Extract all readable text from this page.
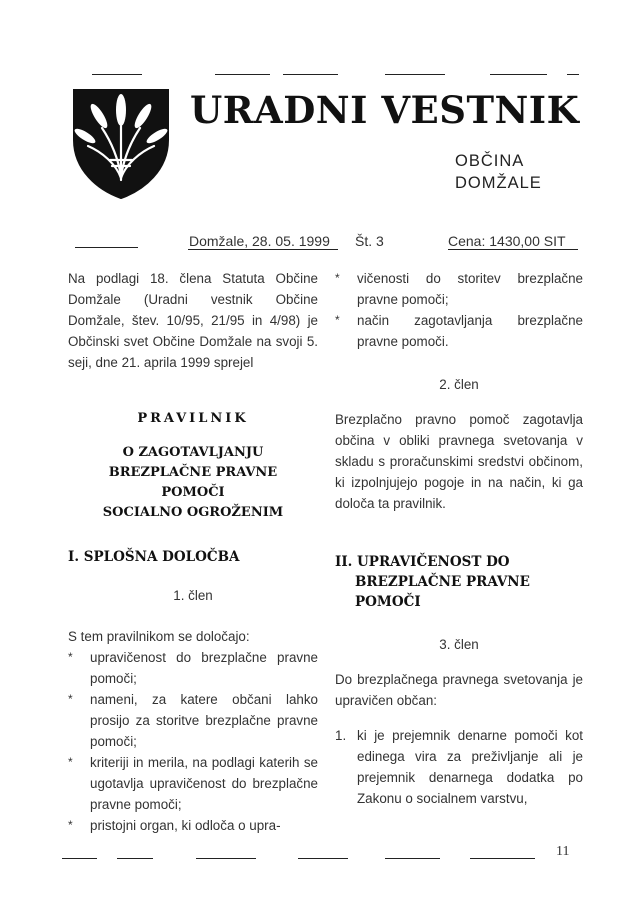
URADNI VESTNIK
OBČINA
DOMŽALE
Domžale, 28. 05. 1999 Št. 3	Cena: 1430,00 SIT

Na podlagi 18. člena Statuta Občine Domžale (Uradni vestnik Občine Domžale, štev. 10/95, 21/95 in 4/98) je Občinski svet Občine Domžale na svoji 5. seji, dne 21. aprila 1999 sprejel

PRAVILNIK

O ZAGOTAVLJANJU

BREZPLAČNE PRAVNE

POMOČI

SOCIALNO OGROŽENIM

I. SPLOŠNA DOLOČBA

1. člen

S tem pravilnikom se določajo:

* upravičenost do brezplačne pravne pomoči;
* nameni, za katere občani lahko prosijo za storitve brezplačne pravne pomoči;
* kriteriji in merila, na podlagi katerih se ugotavlja upravičenost do brezplačne pravne pomoči;
* pristojni organ, ki odloča o upra-
* vičenosti do storitev brezplačne pravne pomoči;
* način zagotavljanja brezplačne pravne pomoči.

2. člen

Brezplačno pravno pomoč zagotavlja občina v obliki pravnega svetovanja v skladu s proračunskimi sredstvi občinom, ki izpolnjujejo pogoje in na način, ki ga določa ta pravilnik.

II. UPRAVIČENOST DO

BREZPLAČNE PRAVNE

POMOČI

3. člen

Do brezplačnega pravnega svetovanja je upravičen občan:

1. ki je prejemnik denarne pomoči kot edinega vira za preživljanje ali je prejemnik denarnega dodatka po Zakonu o socialnem varstvu,
11
